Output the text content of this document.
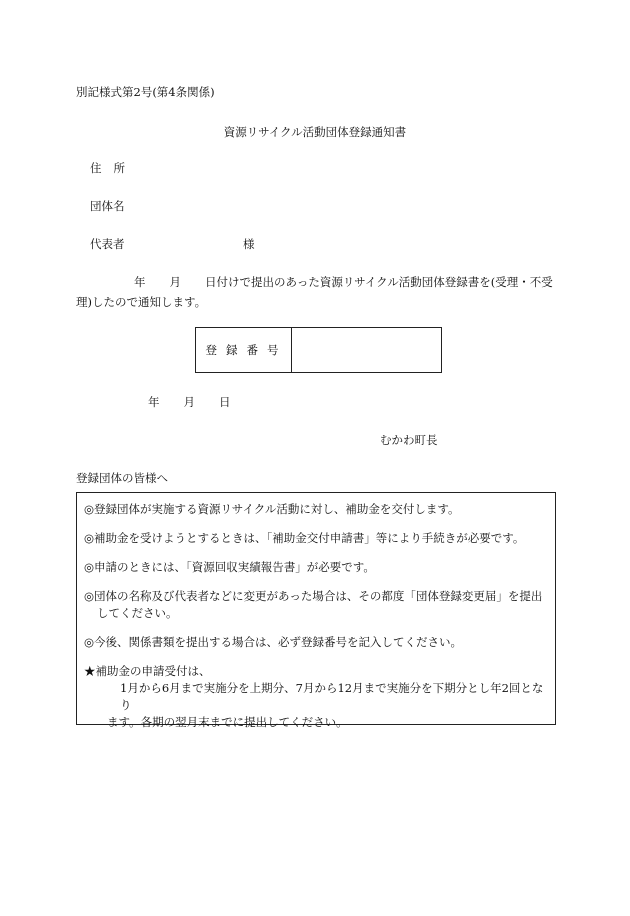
別記様式第2号(第4条関係)
資源リサイクル活動団体登録通知書
住所
団体名
代表者	様
年 月 日付けで提出のあった資源リサイクル活動団体登録書を(受理・不受理)したので通知します。
登録番号	
年 月 日
むかわ町長
登録団体の皆様へ
◎登録団体が実施する資源リサイクル活動に対し、補助金を交付します。
◎補助金を受けようとするときは、「補助金交付申請書」等により手続きが必要です。
◎申請のときには、「資源回収実績報告書」が必要です。
◎団体の名称及び代表者などに変更があった場合は、その都度「団体登録変更届」を提出
してください。
◎今後、関係書類を提出する場合は、必ず登録番号を記入してください。
★補助金の申請受付は、
1月から6月まで実施分を上期分、7月から12月まで実施分を下期分とし年2回となり
ます。各期の翌月末までに提出してください。
